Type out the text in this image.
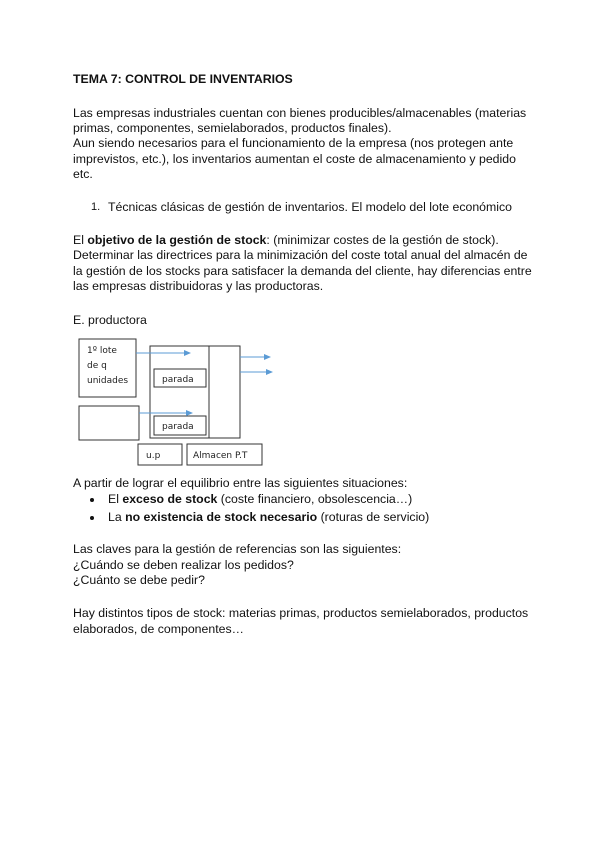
TEMA 7: CONTROL DE INVENTARIOS
Las empresas industriales cuentan con bienes producibles/almacenables (materias
primas, componentes, semielaborados, productos finales).
Aun siendo necesarios para el funcionamiento de la empresa (nos protegen ante
imprevistos, etc.), los inventarios aumentan el coste de almacenamiento y pedido
etc.
1. Técnicas clásicas de gestión de inventarios. El modelo del lote económico
El objetivo de la gestión de stock: (minimizar costes de la gestión de stock).
Determinar las directrices para la minimización del coste total anual del almacén de
la gestión de los stocks para satisfacer la demanda del cliente, hay diferencias entre
las empresas distribuidoras y las productoras.
E. productora
1º lote
de q
unidades	parada
parada
u.p	Almacen P.T
A partir de lograr el equilibrio entre las siguientes situaciones:
El exceso de stock (coste financiero, obsolescencia…)
La no existencia de stock necesario (roturas de servicio)
Las claves para la gestión de referencias son las siguientes:
¿Cuándo se deben realizar los pedidos?
¿Cuánto se debe pedir?
Hay distintos tipos de stock: materias primas, productos semielaborados, productos
elaborados, de componentes…
